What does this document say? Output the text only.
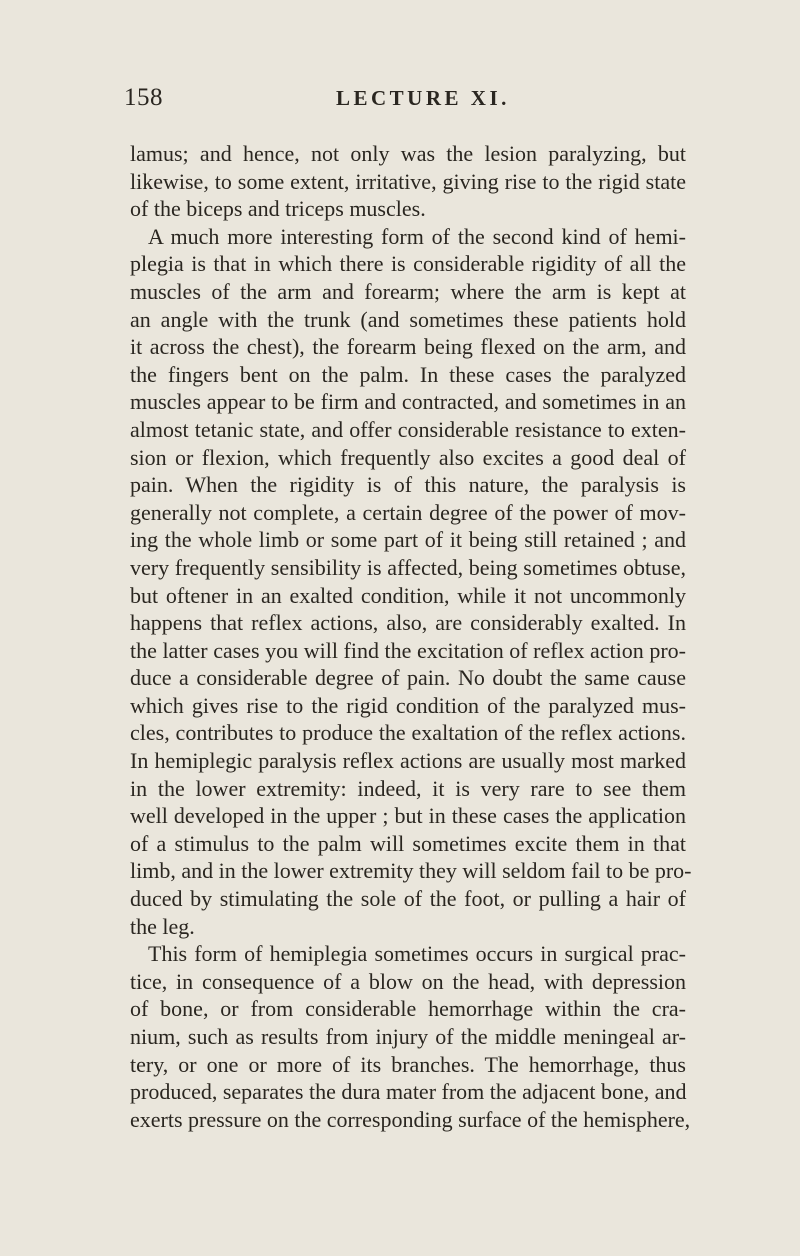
158	LECTURE XI.
lamus; and hence, not only was the lesion paralyzing, but
likewise, to some extent, irritative, giving rise to the rigid state
of the biceps and triceps muscles.
A much more interesting form of the second kind of hemi-
plegia is that in which there is considerable rigidity of all the
muscles of the arm and forearm; where the arm is kept at
an angle with the trunk (and sometimes these patients hold
it across the chest), the forearm being flexed on the arm, and
the fingers bent on the palm. In these cases the paralyzed
muscles appear to be firm and contracted, and sometimes in an
almost tetanic state, and offer considerable resistance to exten-
sion or flexion, which frequently also excites a good deal of
pain. When the rigidity is of this nature, the paralysis is
generally not complete, a certain degree of the power of mov-
ing the whole limb or some part of it being still retained ; and
very frequently sensibility is affected, being sometimes obtuse,
but oftener in an exalted condition, while it not uncommonly
happens that reflex actions, also, are considerably exalted. In
the latter cases you will find the excitation of reflex action pro-
duce a considerable degree of pain. No doubt the same cause
which gives rise to the rigid condition of the paralyzed mus-
cles, contributes to produce the exaltation of the reflex actions.
In hemiplegic paralysis reflex actions are usually most marked
in the lower extremity: indeed, it is very rare to see them
well developed in the upper ; but in these cases the application
of a stimulus to the palm will sometimes excite them in that
limb, and in the lower extremity they will seldom fail to be pro-
duced by stimulating the sole of the foot, or pulling a hair of
the leg.
This form of hemiplegia sometimes occurs in surgical prac-
tice, in consequence of a blow on the head, with depression
of bone, or from considerable hemorrhage within the cra-
nium, such as results from injury of the middle meningeal ar-
tery, or one or more of its branches. The hemorrhage, thus
produced, separates the dura mater from the adjacent bone, and
exerts pressure on the corresponding surface of the hemisphere,
